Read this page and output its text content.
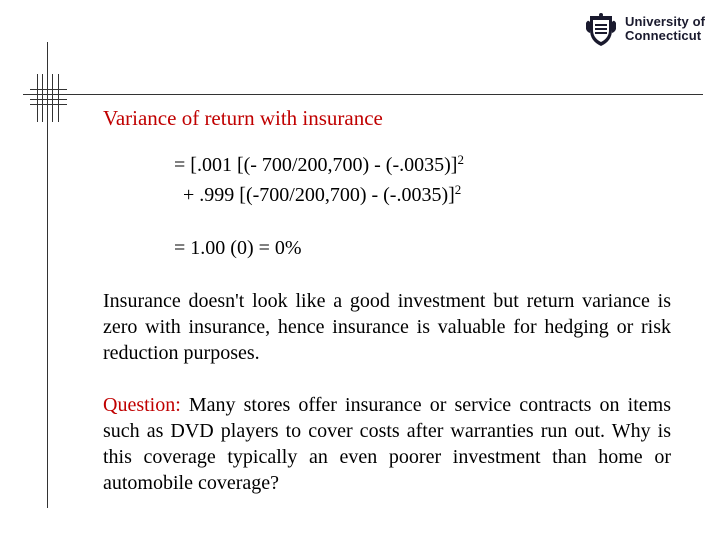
University of
Connecticut
Variance of return with insurance
= [.001 [(- 700/200,700) - (-.0035)]$^2$
+ .999 [(-700/200,700) - (-.0035)]$^2$
= 1.00 (0) = 0%
Insurance doesn't look like a good investment but return variance is zero with insurance, hence insurance is valuable for hedging or risk reduction purposes.
Question: Many stores offer insurance or service contracts on items such as DVD players to cover costs after warranties run out. Why is this coverage typically an even poorer investment than home or automobile coverage?
